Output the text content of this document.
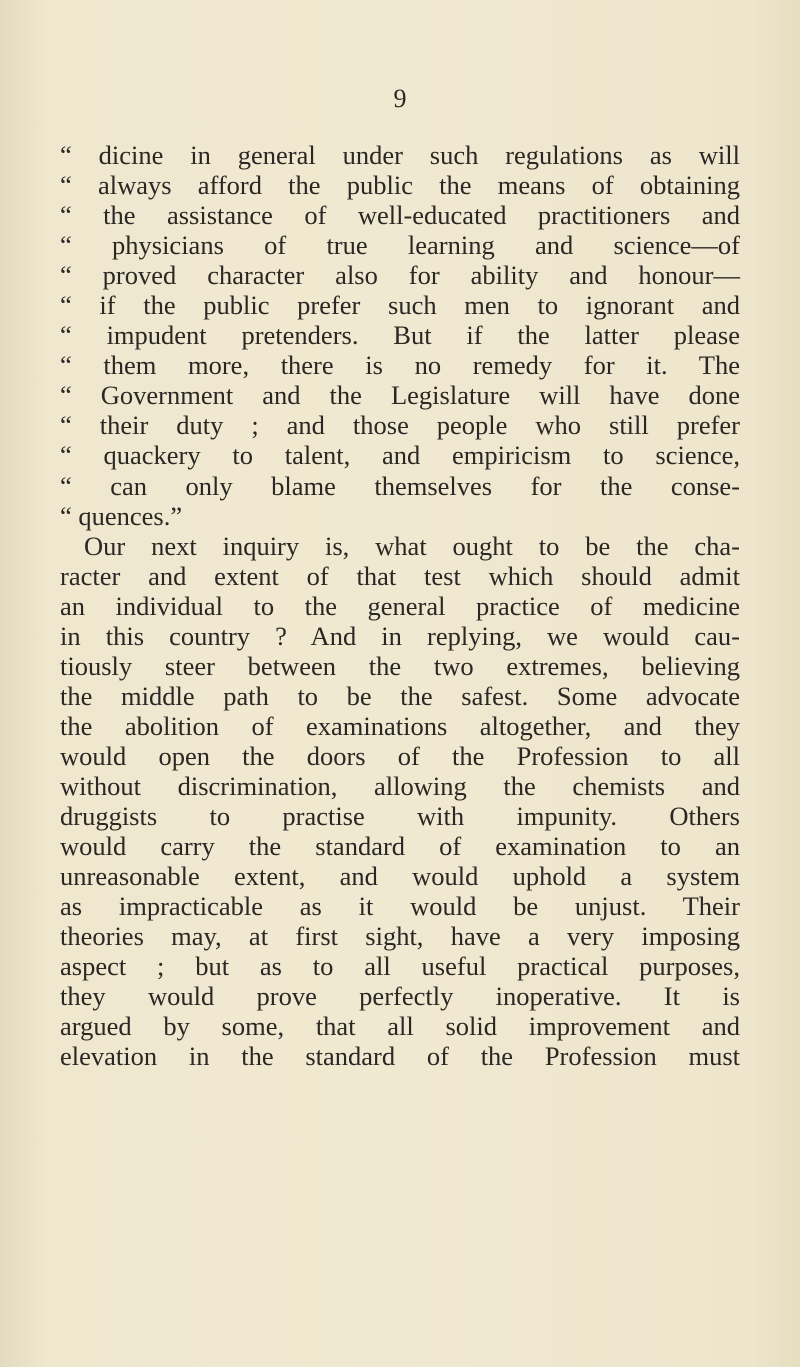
9
“ dicine in general under such regulations as will
“ always afford the public the means of obtaining
“ the assistance of well-educated practitioners and
“ physicians of true learning and science—of
“ proved character also for ability and honour—
“ if the public prefer such men to ignorant and
“ impudent pretenders. But if the latter please
“ them more, there is no remedy for it. The
“ Government and the Legislature will have done
“ their duty ; and those people who still prefer
“ quackery to talent, and empiricism to science,
“ can only blame themselves for the conse-
“ quences.”
Our next inquiry is, what ought to be the cha-
racter and extent of that test which should admit
an individual to the general practice of medicine
in this country ? And in replying, we would cau-
tiously steer between the two extremes, believing
the middle path to be the safest. Some advocate
the abolition of examinations altogether, and they
would open the doors of the Profession to all
without discrimination, allowing the chemists and
druggists to practise with impunity. Others
would carry the standard of examination to an
unreasonable extent, and would uphold a system
as impracticable as it would be unjust. Their
theories may, at first sight, have a very imposing
aspect ; but as to all useful practical purposes,
they would prove perfectly inoperative. It is
argued by some, that all solid improvement and
elevation in the standard of the Profession must
